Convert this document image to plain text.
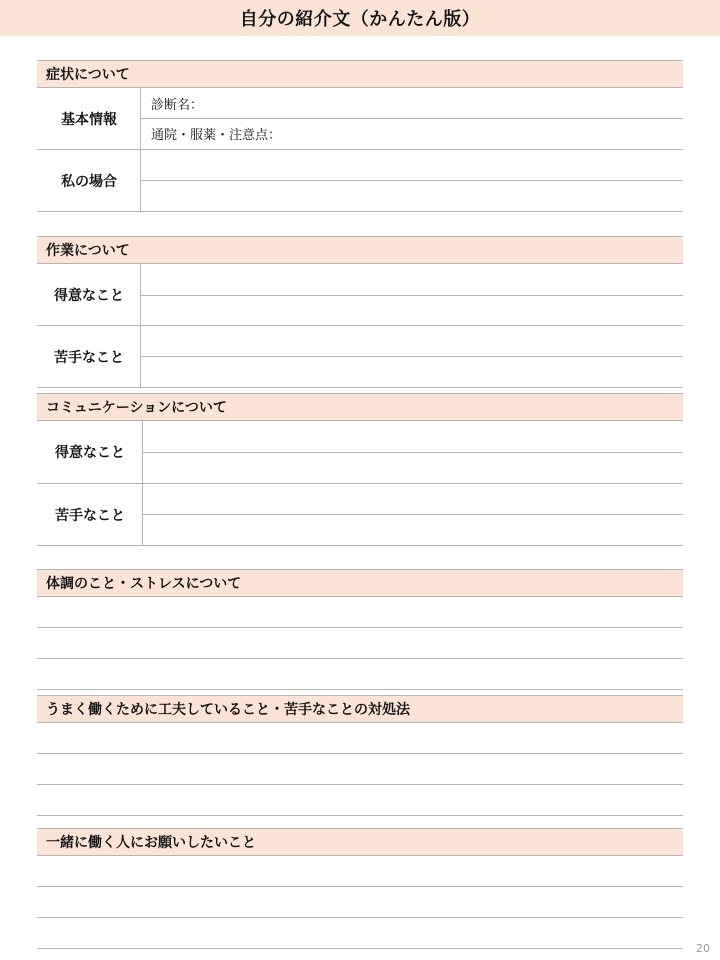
自分の紹介文（かんたん版）
症状について
基本情報
診断名：
通院・服薬・注意点：
私の場合
作業について
得意なこと
苦手なこと
コミュニケーションについて
得意なこと
苦手なこと
体調のこと・ストレスについて
うまく働くために工夫していること・苦手なことの対処法
一緒に働く人にお願いしたいこと
20
